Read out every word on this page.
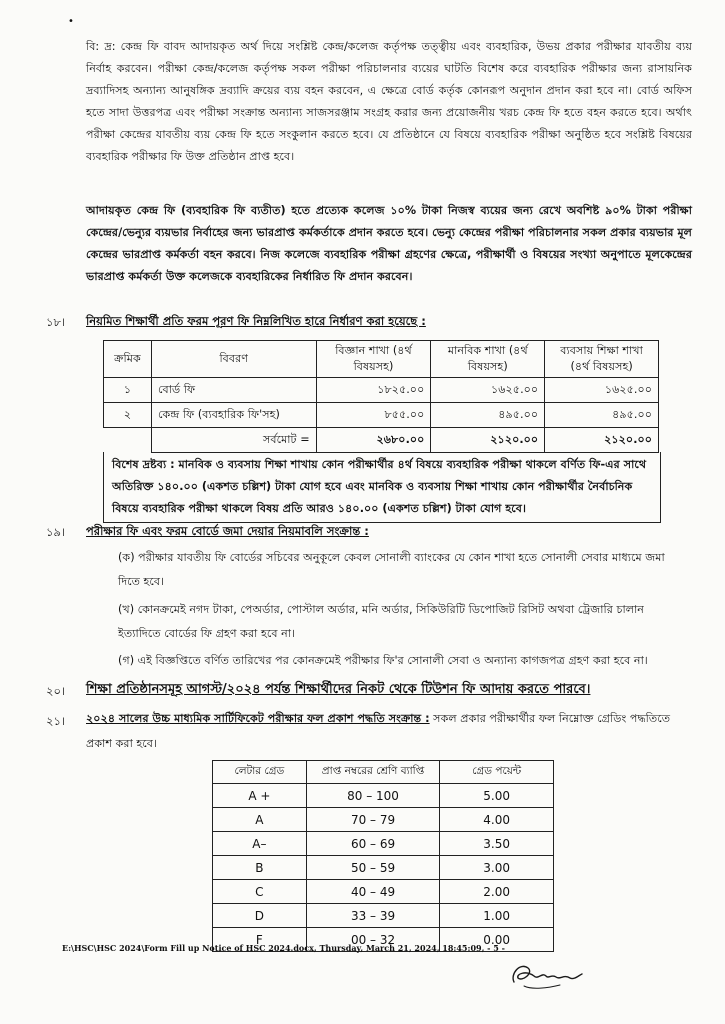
•
বি: দ্র: কেন্দ্র ফি বাবদ আদায়কৃত অর্থ দিয়ে সংশ্লিষ্ট কেন্দ্র/কলেজ কর্তৃপক্ষ তত্ত্বীয় এবং ব্যবহারিক, উভয় প্রকার পরীক্ষার যাবতীয় ব্যয় নির্বাহ করবেন। পরীক্ষা কেন্দ্র/কলেজ কর্তৃপক্ষ সকল পরীক্ষা পরিচালনার ব্যয়ের ঘাটতি বিশেষ করে ব্যবহারিক পরীক্ষার জন্য রাসায়নিক দ্রব্যাদিসহ অন্যান্য আনুষঙ্গিক দ্রব্যাদি ক্রয়ের ব্যয় বহন করবেন, এ ক্ষেত্রে বোর্ড কর্তৃক কোনরূপ অনুদান প্রদান করা হবে না। বোর্ড অফিস হতে সাদা উত্তরপত্র এবং পরীক্ষা সংক্রান্ত অন্যান্য সাজসরঞ্জাম সংগ্রহ করার জন্য প্রয়োজনীয় খরচ কেন্দ্র ফি হতে বহন করতে হবে। অর্থাৎ পরীক্ষা কেন্দ্রের যাবতীয় ব্যয় কেন্দ্র ফি হতে সংকুলান করতে হবে। যে প্রতিষ্ঠানে যে বিষয়ে ব্যবহারিক পরীক্ষা অনুষ্ঠিত হবে সংশ্লিষ্ট বিষয়ের ব্যবহারিক পরীক্ষার ফি উক্ত প্রতিষ্ঠান প্রাপ্ত হবে।
আদায়কৃত কেন্দ্র ফি (ব্যবহারিক ফি ব্যতীত) হতে প্রত্যেক কলেজ ১০% টাকা নিজস্ব ব্যয়ের জন্য রেখে অবশিষ্ট ৯০% টাকা পরীক্ষা কেন্দ্রের/ভেন্যুর ব্যয়ভার নির্বাহের জন্য ভারপ্রাপ্ত কর্মকর্তাকে প্রদান করতে হবে। ভেন্যু কেন্দ্রের পরীক্ষা পরিচালনার সকল প্রকার ব্যয়ভার মূল কেন্দ্রের ভারপ্রাপ্ত কর্মকর্তা বহন করবে। নিজ কলেজে ব্যবহারিক পরীক্ষা গ্রহণের ক্ষেত্রে, পরীক্ষার্থী ও বিষয়ের সংখ্যা অনুপাতে মূলকেন্দ্রের ভারপ্রাপ্ত কর্মকর্তা উক্ত কলেজকে ব্যবহারিকের নির্ধারিত ফি প্রদান করবেন।
১৮। নিয়মিত শিক্ষার্থী প্রতি ফরম পূরণ ফি নিম্নলিখিত হারে নির্ধারণ করা হয়েছে :
ক্রমিক	বিবরণ	বিজ্ঞান শাখা (৪র্থ বিষয়সহ)	মানবিক শাখা (৪র্থ বিষয়সহ)	ব্যবসায় শিক্ষা শাখা (৪র্থ বিষয়সহ)
১	বোর্ড ফি	১৮২৫.০০	১৬২৫.০০	১৬২৫.০০
২	কেন্দ্র ফি (ব্যবহারিক ফি'সহ)	৮৫৫.০০	৪৯৫.০০	৪৯৫.০০
	সর্বমোট =	২৬৮০.০০	২১২০.০০	২১২০.০০
বিশেষ দ্রষ্টব্য : মানবিক ও ব্যবসায় শিক্ষা শাখায় কোন পরীক্ষার্থীর ৪র্থ বিষয়ে ব্যবহারিক পরীক্ষা থাকলে বর্ণিত ফি-এর সাথে অতিরিক্ত ১৪০.০০ (একশত চল্লিশ) টাকা যোগ হবে এবং মানবিক ও ব্যবসায় শিক্ষা শাখায় কোন পরীক্ষার্থীর নৈর্বাচনিক বিষয়ে ব্যবহারিক পরীক্ষা থাকলে বিষয় প্রতি আরও ১৪০.০০ (একশত চল্লিশ) টাকা যোগ হবে।
১৯। পরীক্ষার ফি এবং ফরম বোর্ডে জমা দেয়ার নিয়মাবলি সংক্রান্ত :
(ক) পরীক্ষার যাবতীয় ফি বোর্ডের সচিবের অনুকূলে কেবল সোনালী ব্যাংকের যে কোন শাখা হতে সোনালী সেবার মাধ্যমে জমা দিতে হবে।
(খ) কোনক্রমেই নগদ টাকা, পেঅর্ডার, পোস্টাল অর্ডার, মনি অর্ডার, সিকিউরিটি ডিপোজিট রিসিট অথবা ট্রেজারি চালান ইত্যাদিতে বোর্ডের ফি গ্রহণ করা হবে না।
(গ) এই বিজ্ঞপ্তিতে বর্ণিত তারিখের পর কোনক্রমেই পরীক্ষার ফি'র সোনালী সেবা ও অন্যান্য কাগজপত্র গ্রহণ করা হবে না।
২০। শিক্ষা প্রতিষ্ঠানসমূহ আগস্ট/২০২৪ পর্যন্ত শিক্ষার্থীদের নিকট থেকে টিউশন ফি আদায় করতে পারবে।
২১। ২০২৪ সালের উচ্চ মাধ্যমিক সার্টিফিকেট পরীক্ষার ফল প্রকাশ পদ্ধতি সংক্রান্ত : সকল প্রকার পরীক্ষার্থীর ফল নিম্নোক্ত গ্রেডিং পদ্ধতিতে প্রকাশ করা হবে।
লেটার গ্রেড	প্রাপ্ত নম্বরের শ্রেণি ব্যাপ্তি	গ্রেড পয়েন্ট
A +	80 – 100	5.00
A	70 – 79	4.00
A–	60 – 69	3.50
B	50 – 59	3.00
C	40 – 49	2.00
D	33 – 39	1.00
F	00 – 32	0.00
E:\HSC\HSC 2024\Form Fill up Notice of HSC 2024.docx, Thursday, March 21, 2024, 18:45:09, - 5 -
